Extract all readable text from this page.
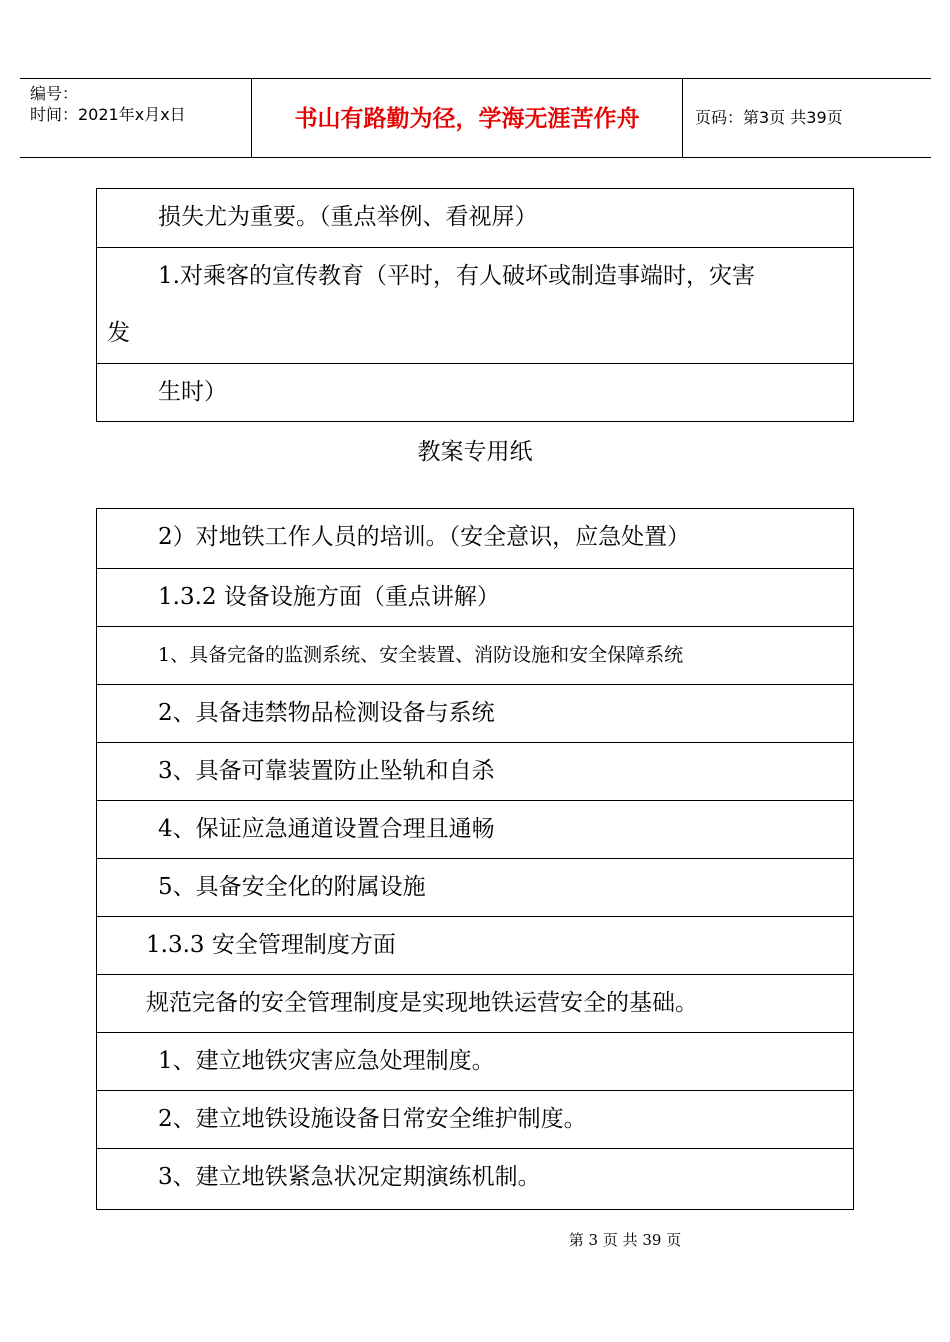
编号：
时间：2021年x月x日	书山有路勤为径，学海无涯苦作舟	页码：第3页 共39页
损失尤为重要。（重点举例、看视屏）
1.对乘客的宣传教育（平时，有人破坏或制造事端时，灾害
发
生时）
教案专用纸
2）对地铁工作人员的培训。（安全意识，应急处置）
1.3.2 设备设施方面（重点讲解）
1、具备完备的监测系统、安全装置、消防设施和安全保障系统
2、具备违禁物品检测设备与系统
3、具备可靠装置防止坠轨和自杀
4、保证应急通道设置合理且通畅
5、具备安全化的附属设施
1.3.3 安全管理制度方面
规范完备的安全管理制度是实现地铁运营安全的基础。
1、建立地铁灾害应急处理制度。
2、建立地铁设施设备日常安全维护制度。
3、建立地铁紧急状况定期演练机制。
第 3 页 共 39 页
